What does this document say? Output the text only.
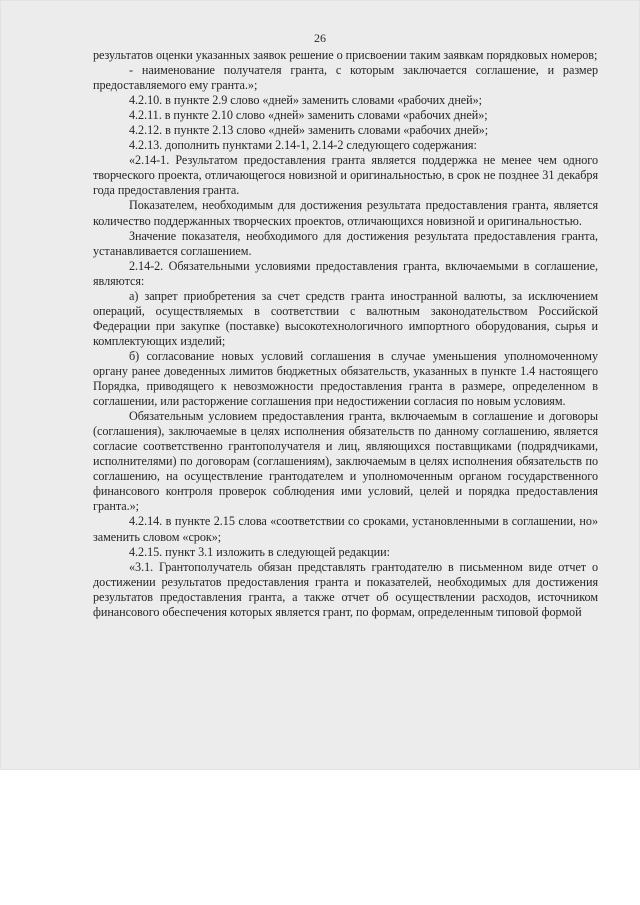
26

результатов оценки указанных заявок решение о присвоении таким заявкам порядковых номеров;

- наименование получателя гранта, с которым заключается соглашение, и размер предоставляемого ему гранта.»;

4.2.10. в пункте 2.9 слово «дней» заменить словами «рабочих дней»;

4.2.11. в пункте 2.10 слово «дней» заменить словами «рабочих дней»;

4.2.12. в пункте 2.13 слово «дней» заменить словами «рабочих дней»;

4.2.13. дополнить пунктами 2.14-1, 2.14-2 следующего содержания:

«2.14-1. Результатом предоставления гранта является поддержка не менее чем одного творческого проекта, отличающегося новизной и оригинальностью, в срок не позднее 31 декабря года предоставления гранта.

Показателем, необходимым для достижения результата предоставления гранта, является количество поддержанных творческих проектов, отличающихся новизной и оригинальностью.

Значение показателя, необходимого для достижения результата предоставления гранта, устанавливается соглашением.

2.14-2. Обязательными условиями предоставления гранта, включаемыми в соглашение, являются:

а) запрет приобретения за счет средств гранта иностранной валюты, за исключением операций, осуществляемых в соответствии с валютным законодательством Российской Федерации при закупке (поставке) высокотехнологичного импортного оборудования, сырья и комплектующих изделий;

б) согласование новых условий соглашения в случае уменьшения уполномоченному органу ранее доведенных лимитов бюджетных обязательств, указанных в пункте 1.4 настоящего Порядка, приводящего к невозможности предоставления гранта в размере, определенном в соглашении, или расторжение соглашения при недостижении согласия по новым условиям.

Обязательным условием предоставления гранта, включаемым в соглашение и договоры (соглашения), заключаемые в целях исполнения обязательств по данному соглашению, является согласие соответственно грантополучателя и лиц, являющихся поставщиками (подрядчиками, исполнителями) по договорам (соглашениям), заключаемым в целях исполнения обязательств по соглашению, на осуществление грантодателем и уполномоченным органом государственного финансового контроля проверок соблюдения ими условий, целей и порядка предоставления гранта.»;

4.2.14. в пункте 2.15 слова «соответствии со сроками, установленными в соглашении, но» заменить словом «срок»;

4.2.15. пункт 3.1 изложить в следующей редакции:

«3.1. Грантополучатель обязан представлять грантодателю в письменном виде отчет о достижении результатов предоставления гранта и показателей, необходимых для достижения результатов предоставления гранта, а также отчет об осуществлении расходов, источником финансового обеспечения которых является грант, по формам, определенным типовой формой
